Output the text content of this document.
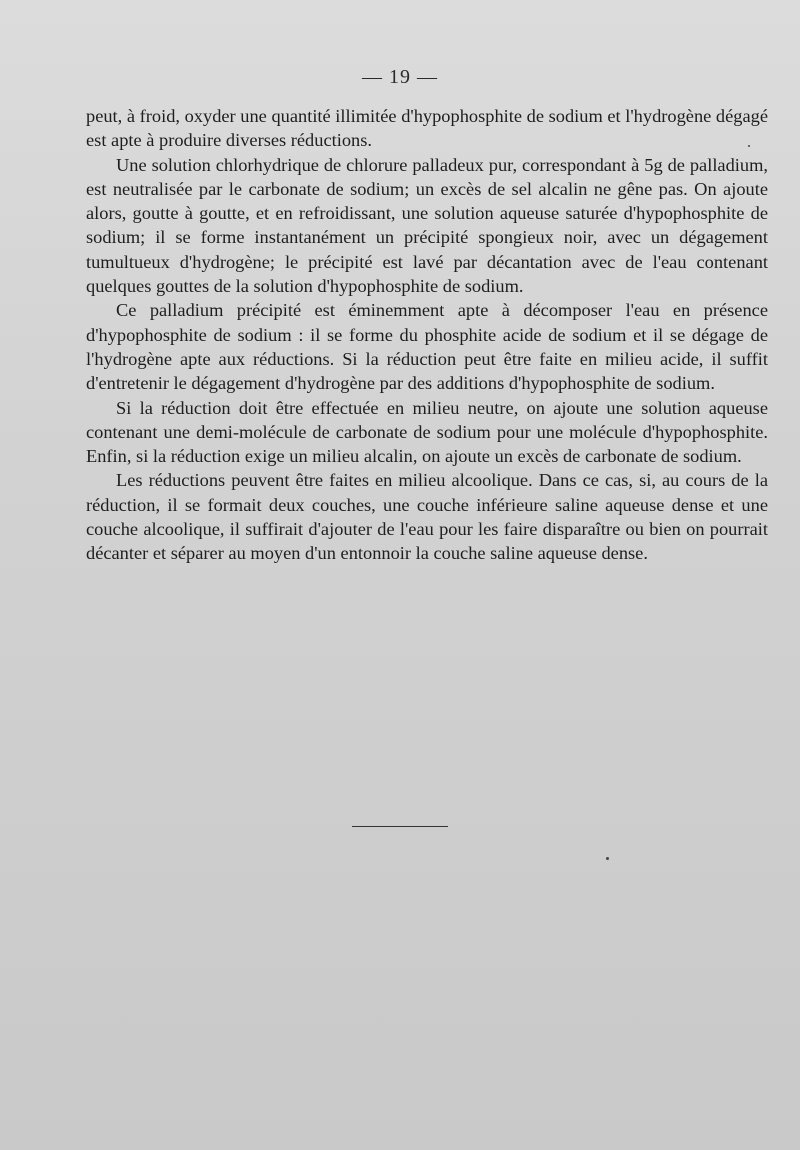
— 19 —

peut, à froid, oxyder une quantité illimitée d'hypophosphite de sodium et l'hydrogène dégagé est apte à produire diverses réductions.

Une solution chlorhydrique de chlorure palladeux pur, correspondant à 5g de palladium, est neutralisée par le carbonate de sodium; un excès de sel alcalin ne gêne pas. On ajoute alors, goutte à goutte, et en refroidissant, une solution aqueuse saturée d'hypophosphite de sodium; il se forme instantanément un précipité spongieux noir, avec un dégagement tumultueux d'hydrogène; le précipité est lavé par décantation avec de l'eau contenant quelques gouttes de la solution d'hypophosphite de sodium.

Ce palladium précipité est éminemment apte à décomposer l'eau en présence d'hypophosphite de sodium : il se forme du phosphite acide de sodium et il se dégage de l'hydrogène apte aux réductions. Si la réduction peut être faite en milieu acide, il suffit d'entretenir le dégagement d'hydrogène par des additions d'hypophosphite de sodium.

Si la réduction doit être effectuée en milieu neutre, on ajoute une solution aqueuse contenant une demi-molécule de carbonate de sodium pour une molécule d'hypophosphite. Enfin, si la réduction exige un milieu alcalin, on ajoute un excès de carbonate de sodium.

Les réductions peuvent être faites en milieu alcoolique. Dans ce cas, si, au cours de la réduction, il se formait deux couches, une couche inférieure saline aqueuse dense et une couche alcoolique, il suffirait d'ajouter de l'eau pour les faire disparaître ou bien on pourrait décanter et séparer au moyen d'un entonnoir la couche saline aqueuse dense.
